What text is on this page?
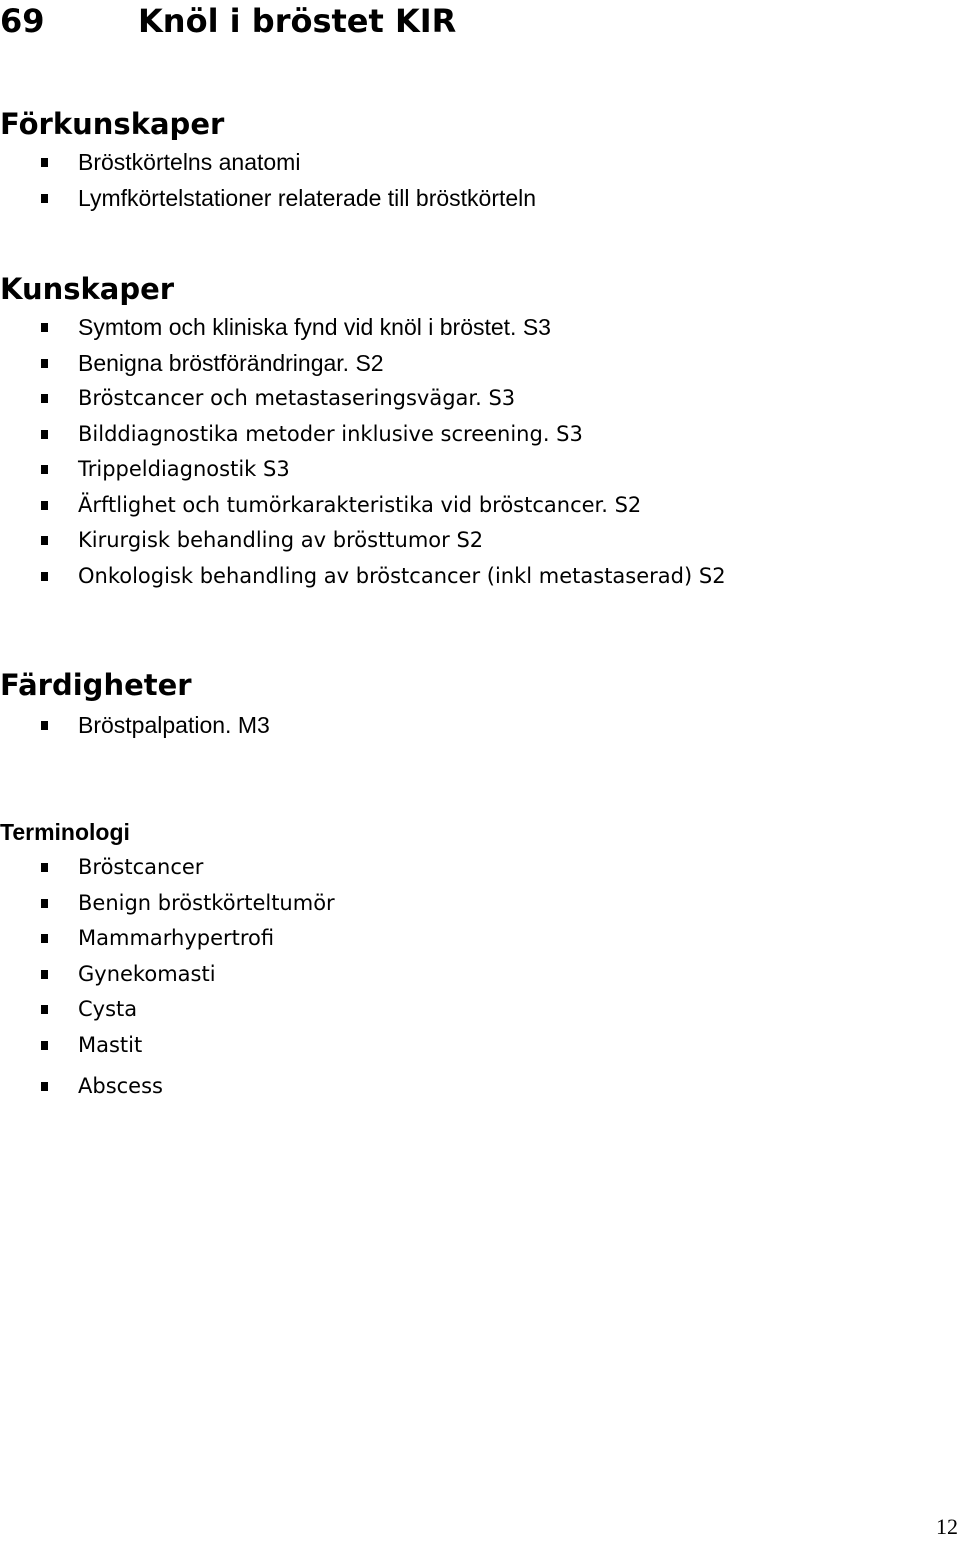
69	Knöl i bröstet KIR
Förkunskaper
Bröstkörtelns anatomi
Lymfkörtelstationer relaterade till bröstkörteln
Kunskaper
Symtom och kliniska fynd vid knöl i bröstet. S3
Benigna bröstförändringar. S2
Bröstcancer och metastaseringsvägar. S3
Bilddiagnostika metoder inklusive screening. S3
Trippeldiagnostik S3
Ärftlighet och tumörkarakteristika vid bröstcancer. S2
Kirurgisk behandling av brösttumor S2
Onkologisk behandling av bröstcancer (inkl metastaserad) S2
Färdigheter
Bröstpalpation. M3
Terminologi
Bröstcancer
Benign bröstkörteltumör
Mammarhypertrofi
Gynekomasti
Cysta
Mastit
Abscess
12
